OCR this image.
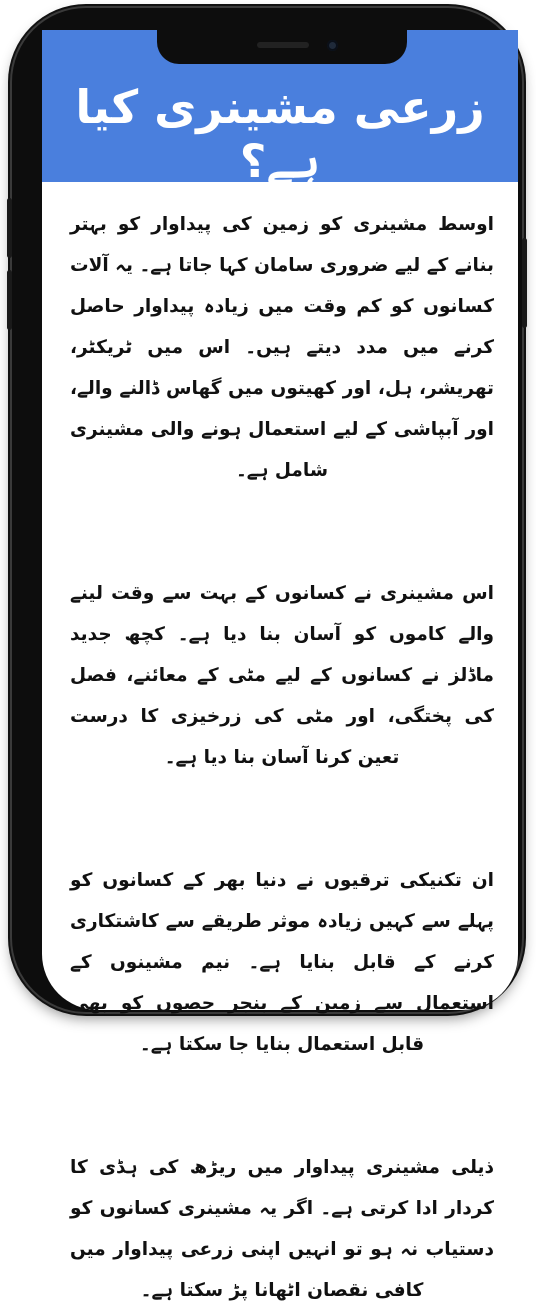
زرعی مشینری کیا ہے؟

اوسط مشینری کو زمین کی پیداوار کو بہتر بنانے کے لیے ضروری سامان کہا جاتا ہے۔ یہ آلات کسانوں کو کم وقت میں زیادہ پیداوار حاصل کرنے میں مدد دیتے ہیں۔ اس میں ٹریکٹر، تھریشر، ہل، اور کھیتوں میں گھاس ڈالنے والے، اور آبپاشی کے لیے استعمال ہونے والی مشینری شامل ہے۔

اس مشینری نے کسانوں کے بہت سے وقت لینے والے کاموں کو آسان بنا دیا ہے۔ کچھ جدید ماڈلز نے کسانوں کے لیے مٹی کے معائنے، فصل کی پختگی، اور مٹی کی زرخیزی کا درست تعین کرنا آسان بنا دیا ہے۔

ان تکنیکی ترقیوں نے دنیا بھر کے کسانوں کو پہلے سے کہیں زیادہ موثر طریقے سے کاشتکاری کرنے کے قابل بنایا ہے۔ نیم مشینوں کے استعمال سے زمین کے بنجر حصوں کو بھی قابل استعمال بنایا جا سکتا ہے۔

ذیلی مشینری پیداوار میں ریڑھ کی ہڈی کا کردار ادا کرتی ہے۔ اگر یہ مشینری کسانوں کو دستیاب نہ ہو تو انہیں اپنی زرعی پیداوار میں کافی نقصان اٹھانا پڑ سکتا ہے۔
